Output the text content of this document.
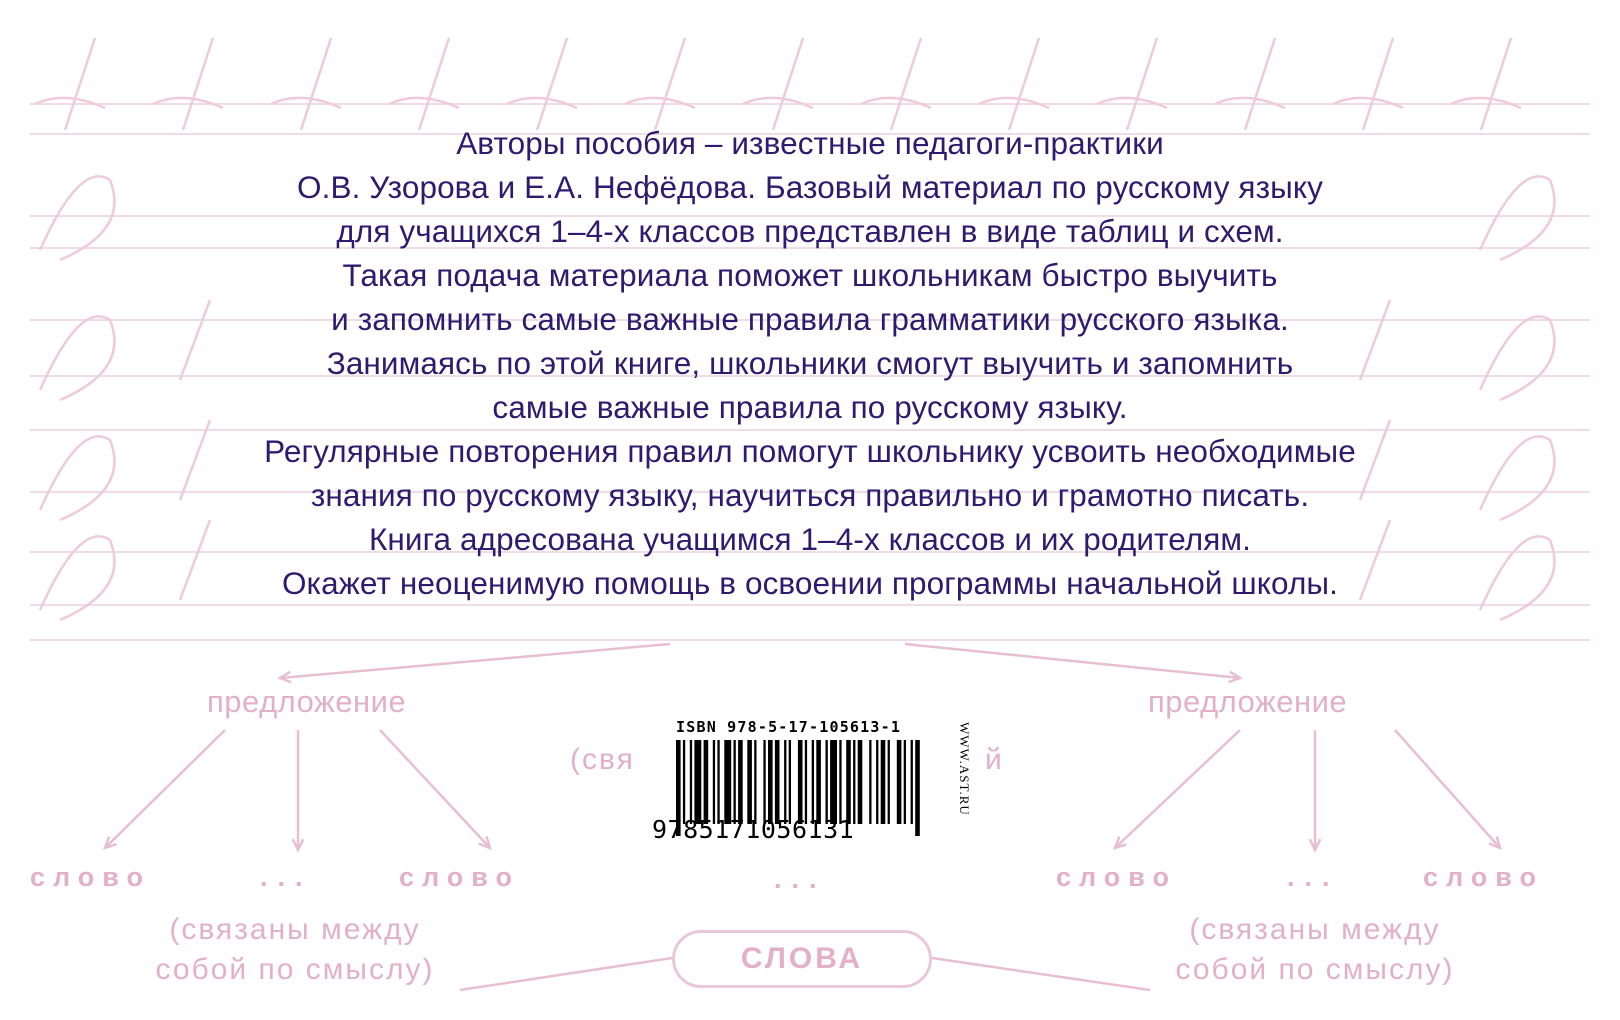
Авторы пособия – известные педагоги-практики
О.В. Узорова и Е.А. Нефёдова. Базовый материал по русскому языку
для учащихся 1–4-х классов представлен в виде таблиц и схем.
Такая подача материала поможет школьникам быстро выучить
и запомнить самые важные правила грамматики русского языка.
Занимаясь по этой книге, школьники смогут выучить и запомнить
самые важные правила по русскому языку.
Регулярные повторения правил помогут школьнику усвоить необходимые
знания по русскому языку, научиться правильно и грамотно писать.
Книга адресована учащимся 1–4-х классов и их родителям.
Окажет неоценимую помощь в освоении программы начальной школы.
предложение
слово	...	слово
(связаны между
собой по смыслу)
предложение
слово	...	слово
(связаны между
собой по смыслу)
(свя	й
...
СЛОВА
ISBN 978-5-17-105613-1
9785171056131
WWW.AST.RU
